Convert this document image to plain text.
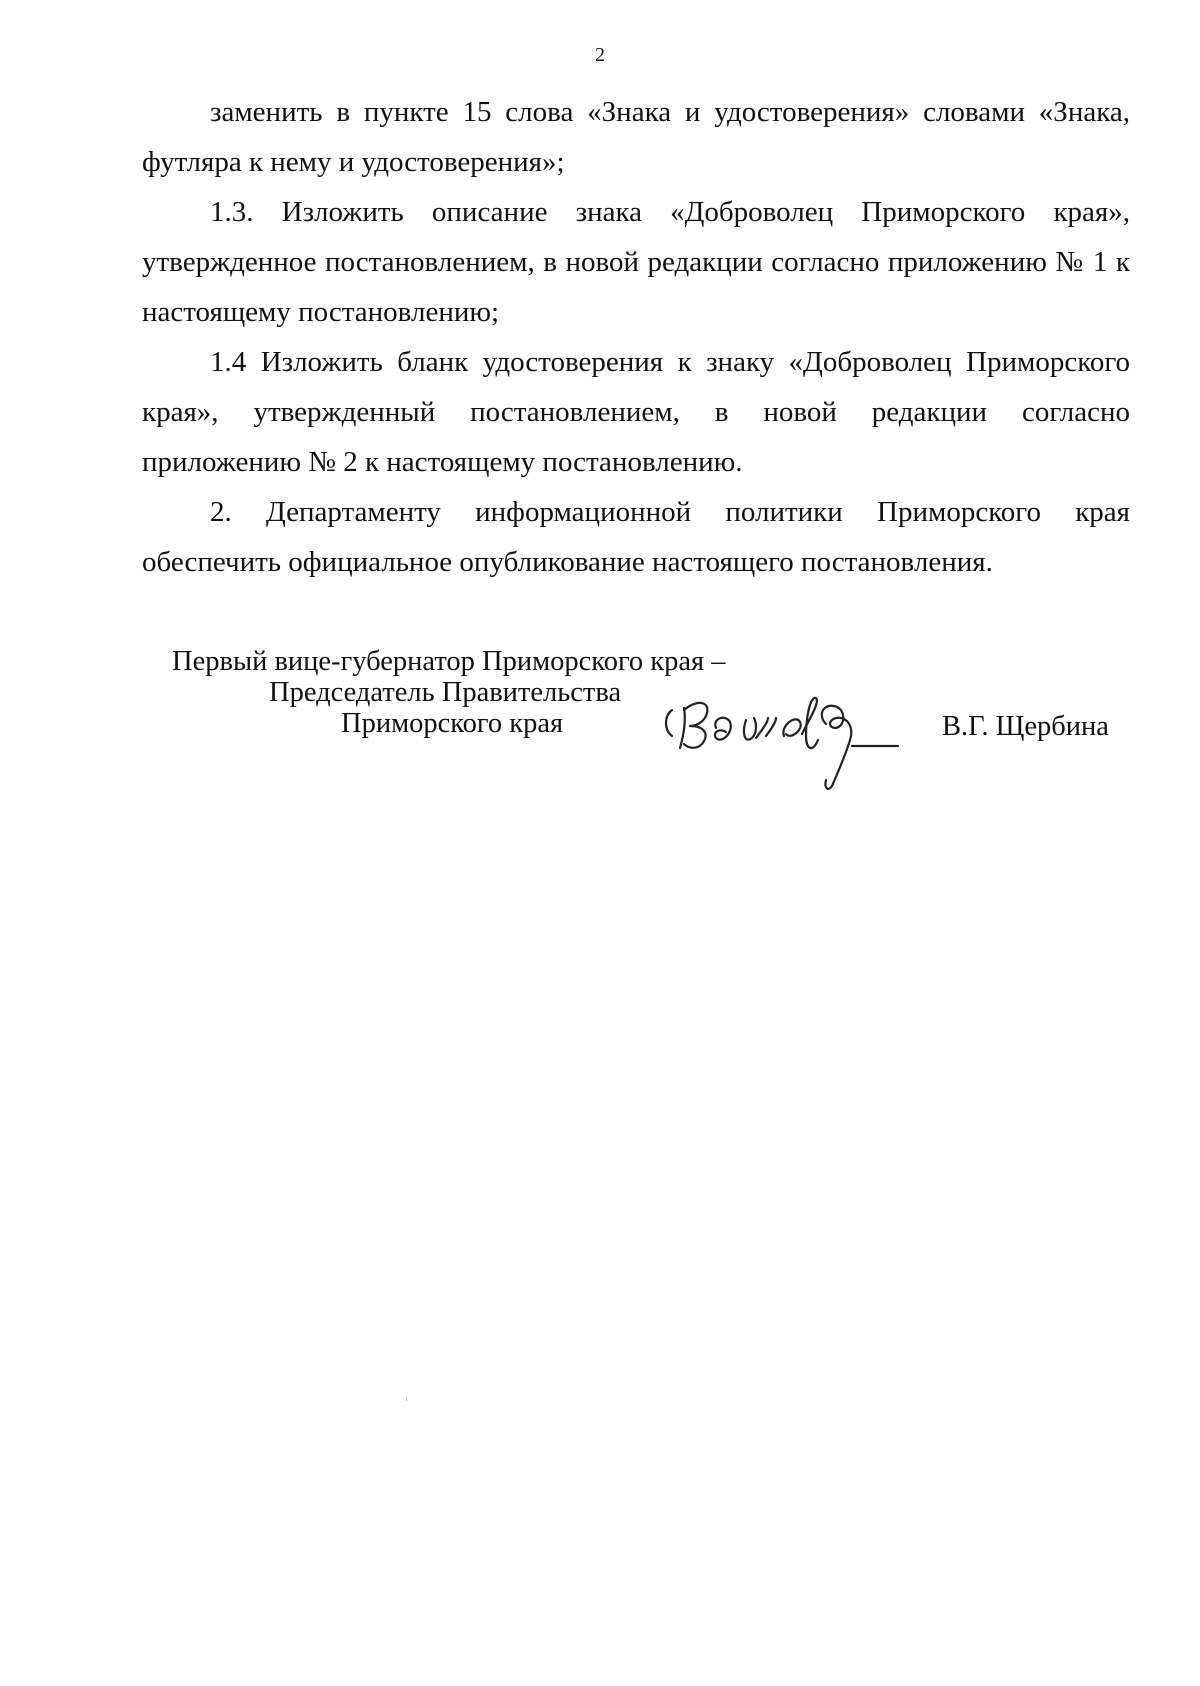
2

заменить в пункте 15 слова «Знака и удостоверения» словами «Знака, футляра к нему и удостоверения»;

1.3. Изложить описание знака «Доброволец Приморского края», утвержденное постановлением, в новой редакции согласно приложению № 1 к настоящему постановлению;

1.4 Изложить бланк удостоверения к знаку «Доброволец Приморского края», утвержденный постановлением, в новой редакции согласно приложению № 2 к настоящему постановлению.

2. Департаменту информационной политики Приморского края обеспечить официальное опубликование настоящего постановления.

Первый вице-губернатор Приморского края –
Председатель Правительства
Приморского края	В.Г. Щербина
